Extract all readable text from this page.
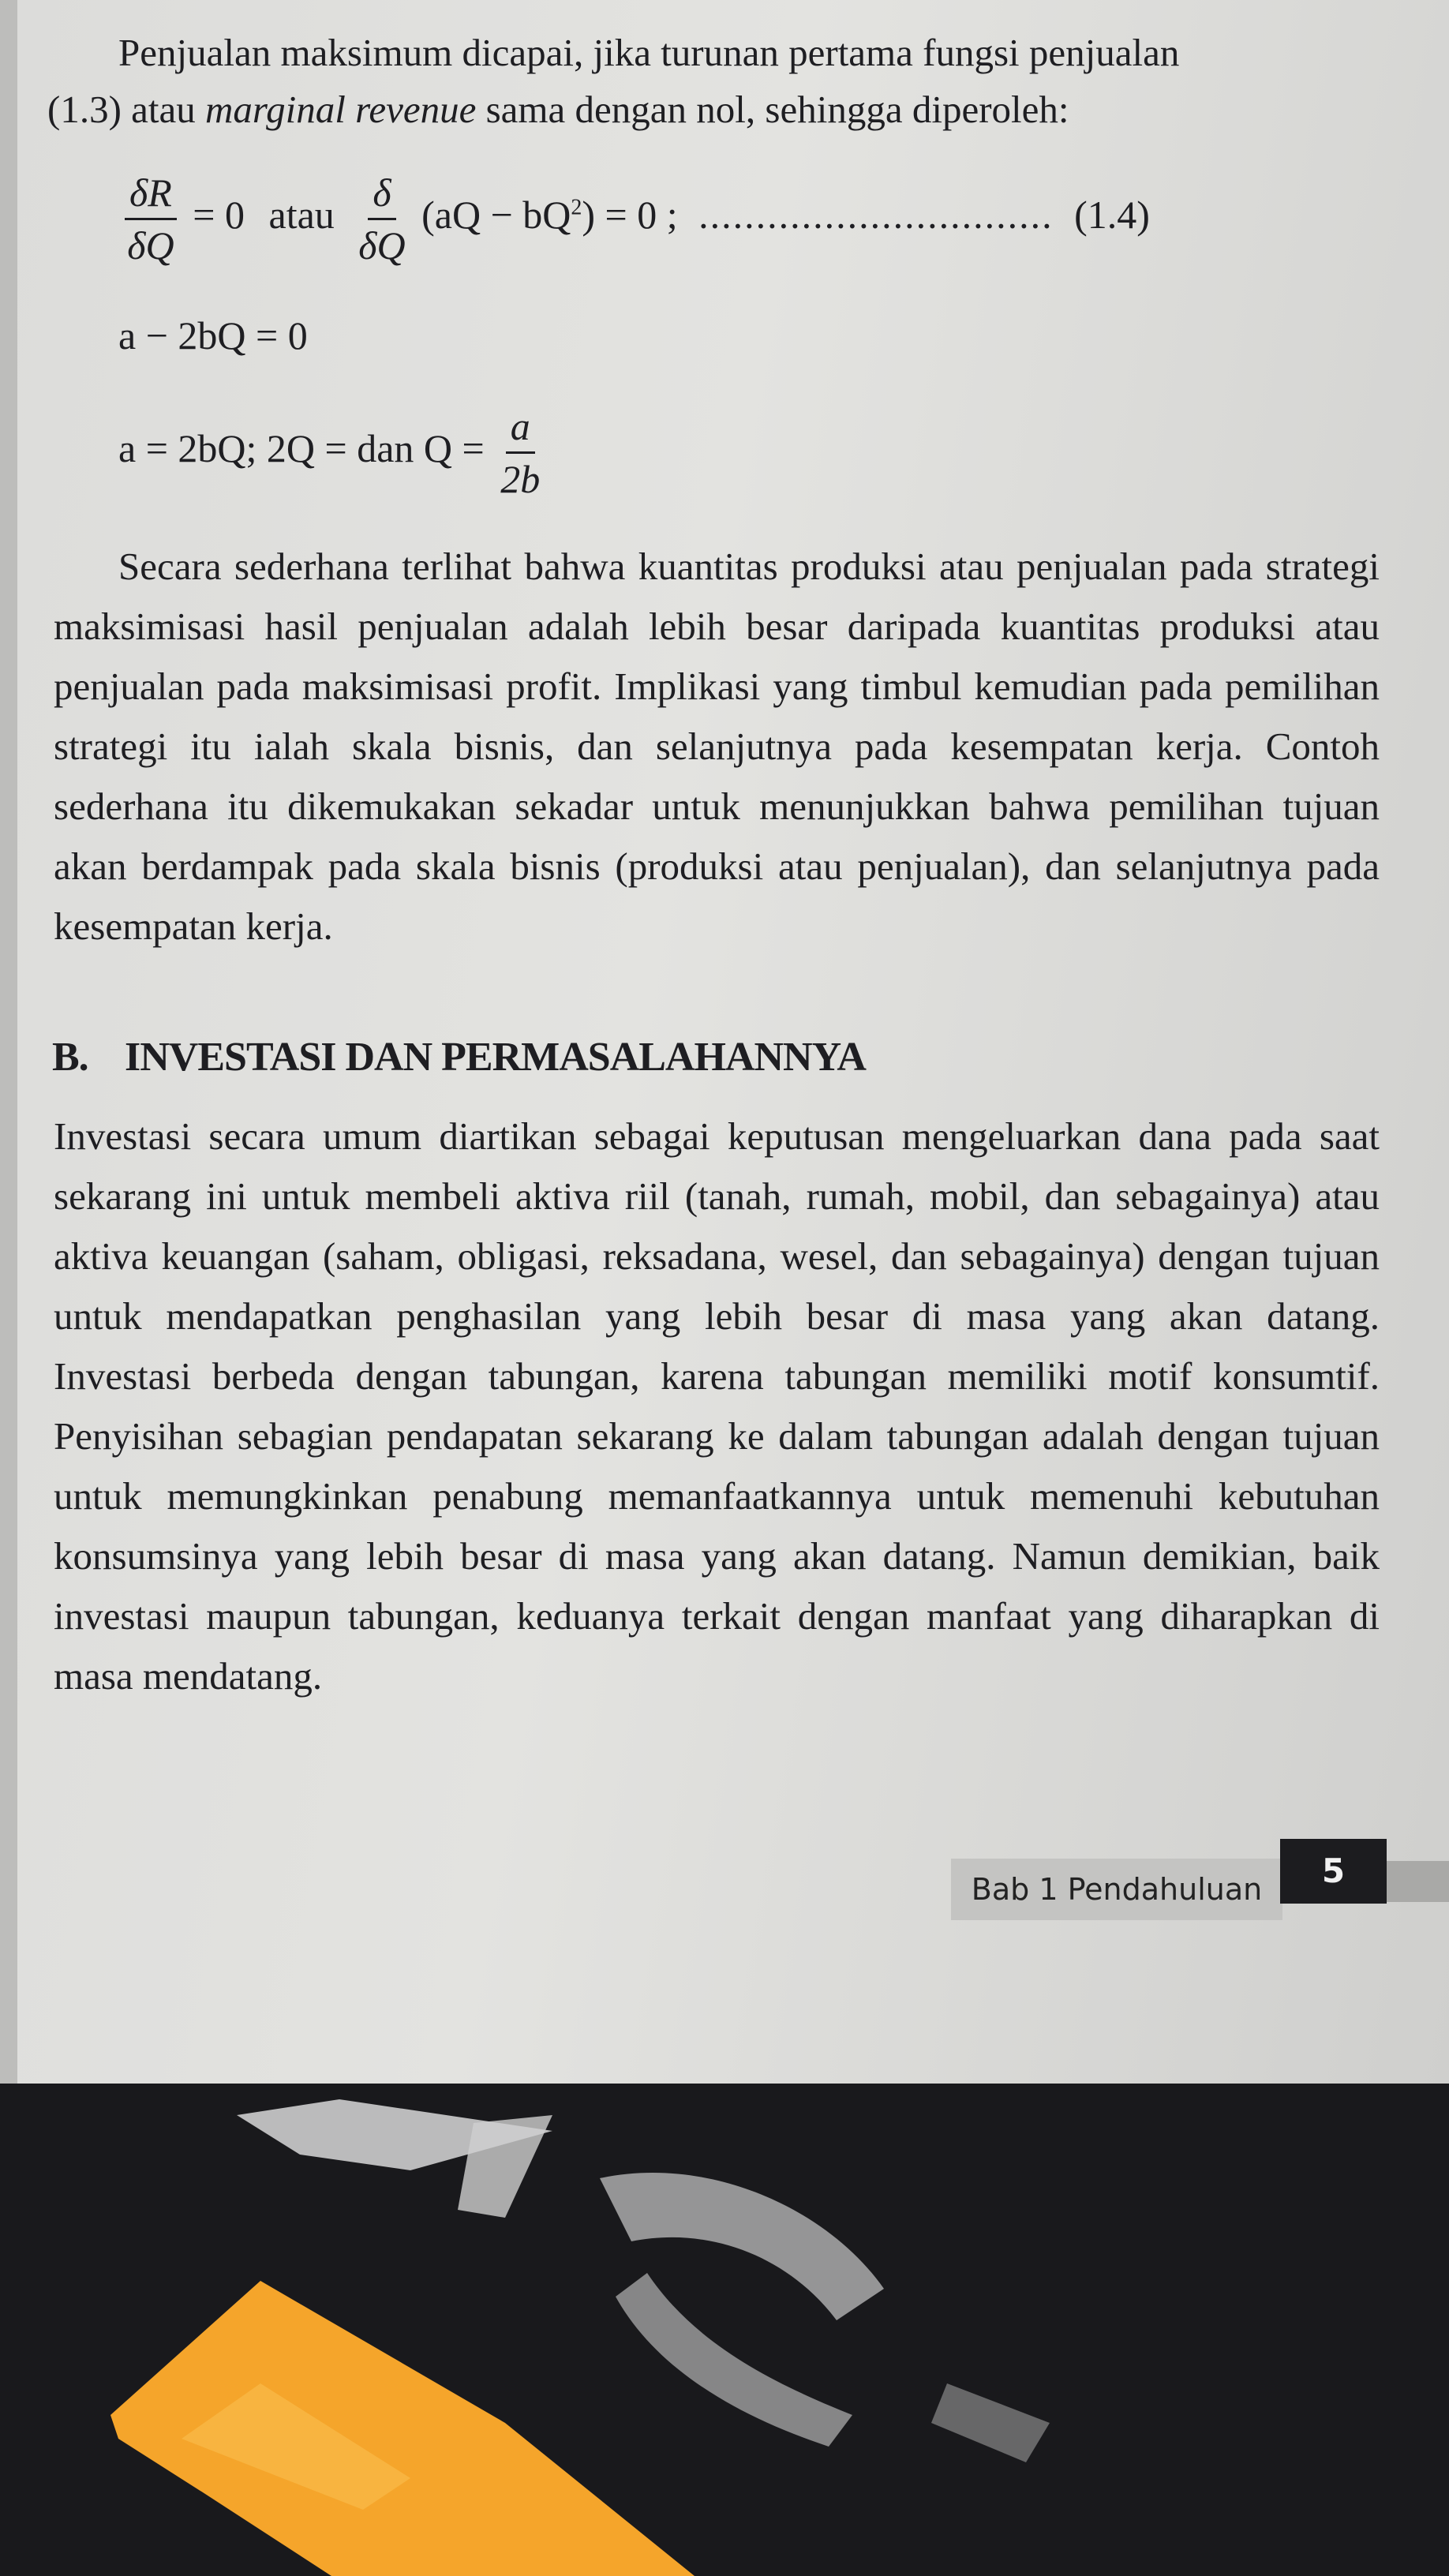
Penjualan maksimum dicapai, jika turunan pertama fungsi penjualan
(1.3) atau marginal revenue sama dengan nol, sehingga diperoleh:
$\frac{\delta R}{\delta Q} = 0$ atau $\frac{\delta}{\delta Q} (aQ - bQ^2) = 0$ ; ............................... (1.4)
a − 2bQ = 0
a = 2bQ; 2Q = dan $Q = \frac{a}{2b}$

Secara sederhana terlihat bahwa kuantitas produksi atau penjualan pada strategi maksimisasi hasil penjualan adalah lebih besar daripada kuantitas produksi atau penjualan pada maksimisasi profit. Implikasi yang timbul kemudian pada pemilihan strategi itu ialah skala bisnis, dan selanjutnya pada kesempatan kerja. Contoh sederhana itu dikemukakan sekadar untuk menunjukkan bahwa pemilihan tujuan akan berdampak pada skala bisnis (produksi atau penjualan), dan selanjutnya pada kesempatan kerja.

B. INVESTASI DAN PERMASALAHANNYA

Investasi secara umum diartikan sebagai keputusan mengeluarkan dana pada saat sekarang ini untuk membeli aktiva riil (tanah, rumah, mobil, dan sebagainya) atau aktiva keuangan (saham, obligasi, reksadana, wesel, dan sebagainya) dengan tujuan untuk mendapatkan penghasilan yang lebih besar di masa yang akan datang. Investasi berbeda dengan tabungan, karena tabungan memiliki motif konsumtif. Penyisihan sebagian pendapatan sekarang ke dalam tabungan adalah dengan tujuan untuk memungkinkan penabung memanfaatkannya untuk memenuhi kebutuhan konsumsinya yang lebih besar di masa yang akan datang. Namun demikian, baik investasi maupun tabungan, keduanya terkait dengan manfaat yang diharapkan di masa mendatang.

Bab 1 Pendahuluan	5
